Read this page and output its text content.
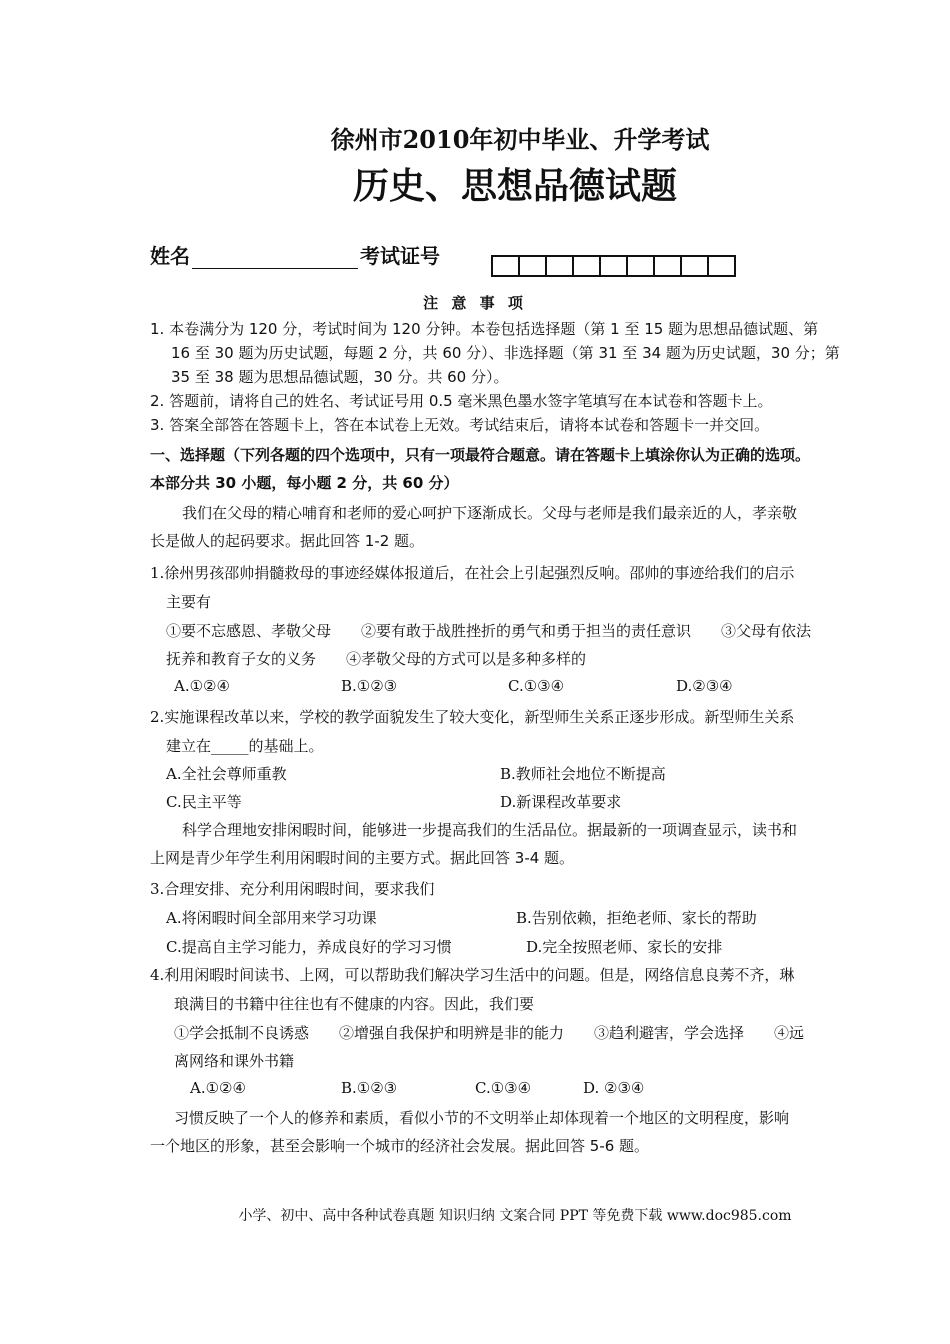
徐州市2010年初中毕业、升学考试
历史、思想品德试题
姓名	考试证号
注 意 事 项
1. 本卷满分为 120 分，考试时间为 120 分钟。本卷包括选择题（第 1 至 15 题为思想品德试题、第
16 至 30 题为历史试题，每题 2 分，共 60 分）、非选择题（第 31 至 34 题为历史试题，30 分；第
35 至 38 题为思想品德试题，30 分。共 60 分）。
2. 答题前，请将自己的姓名、考试证号用 0.5 毫米黑色墨水签字笔填写在本试卷和答题卡上。
3. 答案全部答在答题卡上，答在本试卷上无效。考试结束后，请将本试卷和答题卡一并交回。
一、选择题（下列各题的四个选项中，只有一项最符合题意。请在答题卡上填涂你认为正确的选项。
本部分共 30 小题，每小题 2 分，共 60 分）
我们在父母的精心哺育和老师的爱心呵护下逐渐成长。父母与老师是我们最亲近的人，孝亲敬
长是做人的起码要求。据此回答 1-2 题。
1.徐州男孩邵帅捐髓救母的事迹经媒体报道后，在社会上引起强烈反响。邵帅的事迹给我们的启示
主要有
①要不忘感恩、孝敬父母　　②要有敢于战胜挫折的勇气和勇于担当的责任意识　　③父母有依法
抚养和教育子女的义务　　④孝敬父母的方式可以是多种多样的
A.①②④	B.①②③	C.①③④	D.②③④
2.实施课程改革以来，学校的教学面貌发生了较大变化，新型师生关系正逐步形成。新型师生关系
建立在_____的基础上。
A.全社会尊师重教	B.教师社会地位不断提高
C.民主平等	D.新课程改革要求
科学合理地安排闲暇时间，能够进一步提高我们的生活品位。据最新的一项调查显示，读书和
上网是青少年学生利用闲暇时间的主要方式。据此回答 3-4 题。
3.合理安排、充分利用闲暇时间，要求我们
A.将闲暇时间全部用来学习功课	B.告别依赖，拒绝老师、家长的帮助
C.提高自主学习能力，养成良好的学习习惯	D.完全按照老师、家长的安排
4.利用闲暇时间读书、上网，可以帮助我们解决学习生活中的问题。但是，网络信息良莠不齐，琳
琅满目的书籍中往往也有不健康的内容。因此，我们要
①学会抵制不良诱惑　　②增强自我保护和明辨是非的能力　　③趋利避害，学会选择　　④远
离网络和课外书籍
A.①②④	B.①②③	C.①③④	D. ②③④
习惯反映了一个人的修养和素质，看似小节的不文明举止却体现着一个地区的文明程度，影响
一个地区的形象，甚至会影响一个城市的经济社会发展。据此回答 5-6 题。
小学、初中、高中各种试卷真题 知识归纳 文案合同 PPT 等免费下载 www.doc985.com
